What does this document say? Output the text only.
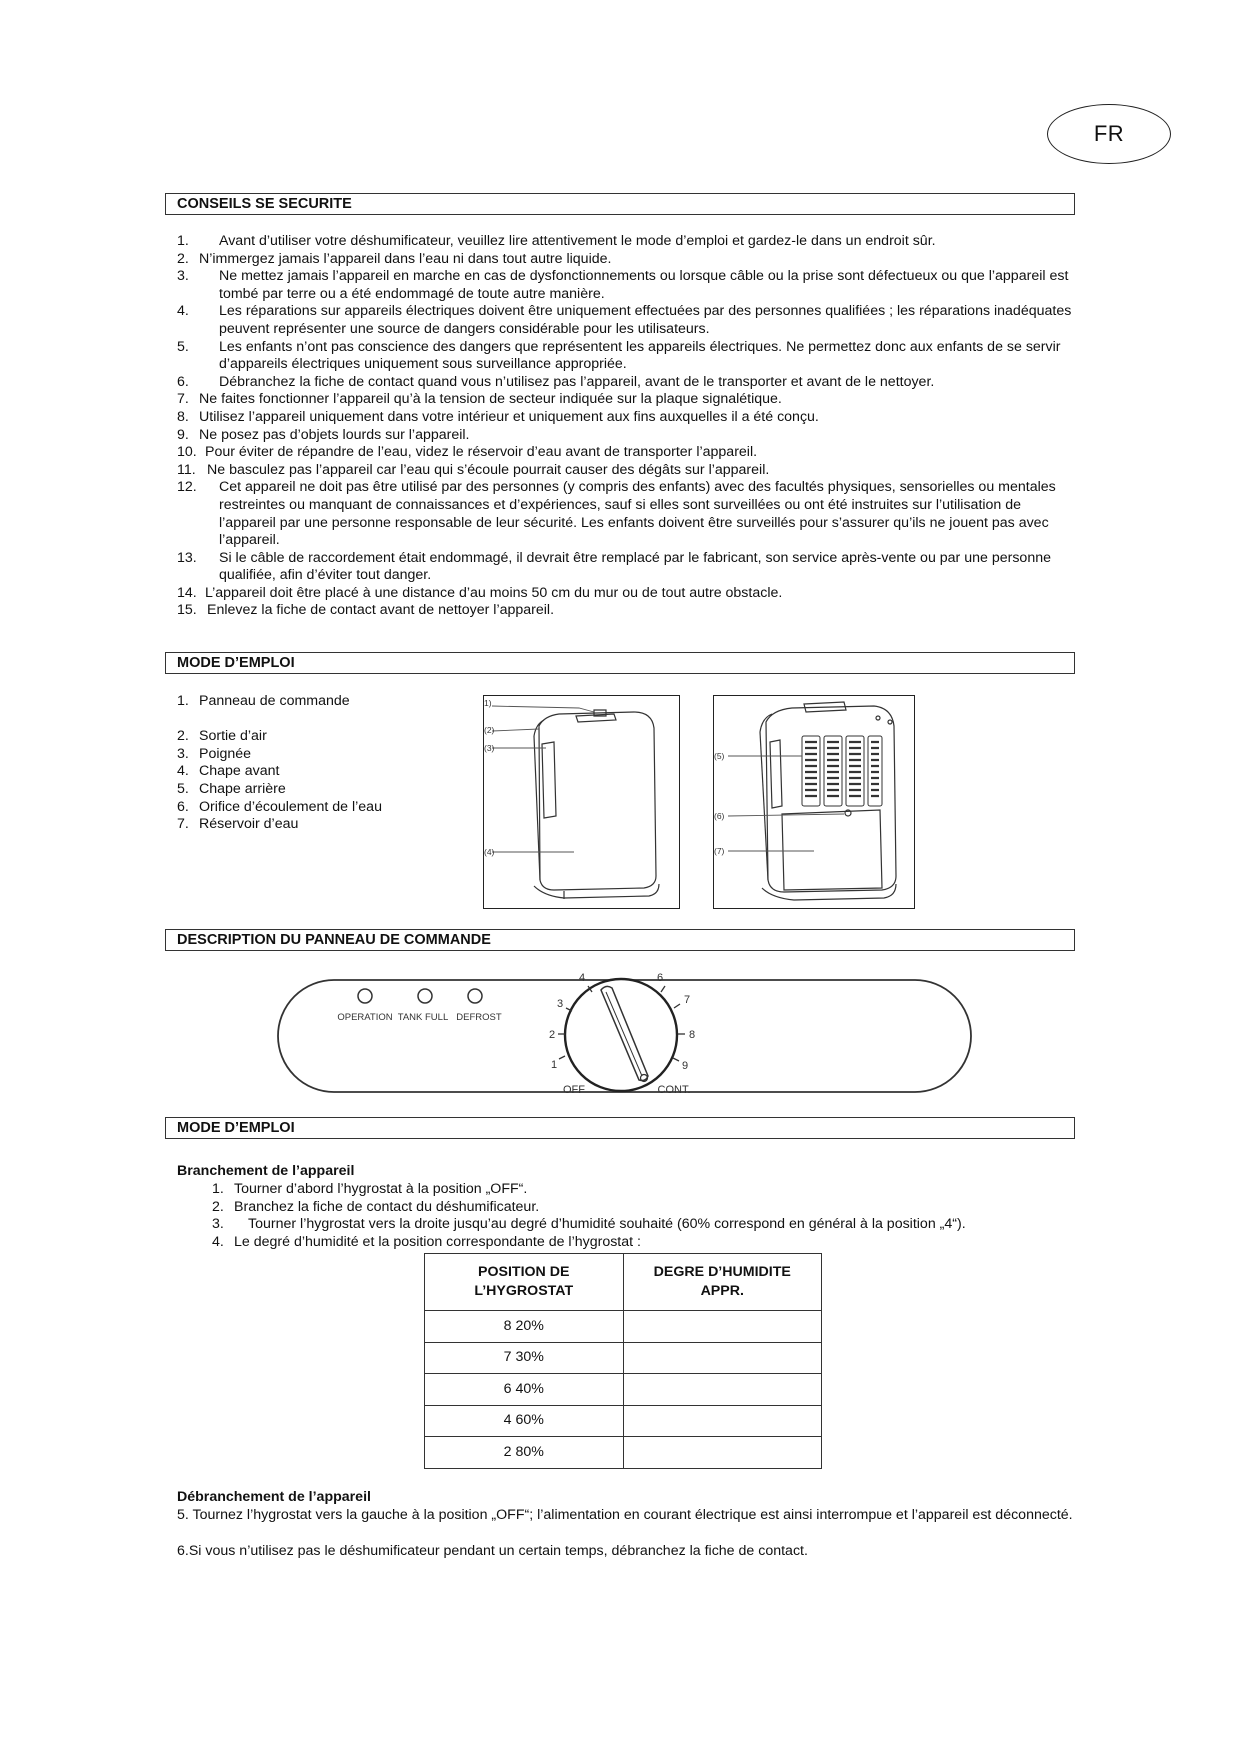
FR
CONSEILS SE SECURITE
1. Avant d’utiliser votre déshumificateur, veuillez lire attentivement le mode d’emploi et gardez-le dans un endroit sûr.
2. N’immergez jamais l’appareil dans l’eau ni dans tout autre liquide.
3. Ne mettez jamais l’appareil en marche en cas de dysfonctionnements ou lorsque câble ou la prise sont défectueux ou que l’appareil est tombé par terre ou a été endommagé de toute autre manière.
4. Les réparations sur appareils électriques doivent être uniquement effectuées par des personnes qualifiées ; les réparations inadéquates peuvent représenter une source de dangers considérable pour les utilisateurs.
5. Les enfants n’ont pas conscience des dangers que représentent les appareils électriques. Ne permettez donc aux enfants de se servir d’appareils électriques uniquement sous surveillance appropriée.
6. Débranchez la fiche de contact quand vous n’utilisez pas l’appareil, avant de le transporter et avant de le nettoyer.
7. Ne faites fonctionner l’appareil qu’à la tension de secteur indiquée sur la plaque signalétique.
8. Utilisez l’appareil uniquement dans votre intérieur et uniquement aux fins auxquelles il a été conçu.
9. Ne posez pas d’objets lourds sur l’appareil.
10. Pour éviter de répandre de l’eau, videz le réservoir d’eau avant de transporter l’appareil.
11. Ne basculez pas l’appareil car l’eau qui s’écoule pourrait causer des dégâts sur l’appareil.
12. Cet appareil ne doit pas être utilisé par des personnes (y compris des enfants) avec des facultés physiques, sensorielles ou mentales restreintes ou manquant de connaissances et d’expériences, sauf si elles sont surveillées ou ont été instruites sur l’utilisation de l’appareil par une personne responsable de leur sécurité. Les enfants doivent être surveillés pour s’assurer qu’ils ne jouent pas avec l’appareil.
13. Si le câble de raccordement était endommagé, il devrait être remplacé par le fabricant, son service après-vente ou par une personne qualifiée, afin d’éviter tout danger.
14. L’appareil doit être placé à une distance d’au moins 50 cm du mur ou de tout autre obstacle.
15. Enlevez la fiche de contact avant de nettoyer l’appareil.
MODE D’EMPLOI
1. Panneau de commande
2. Sortie d’air
3. Poignée
4. Chape avant
5. Chape arrière
6. Orifice d’écoulement de l’eau
7. Réservoir d’eau
1)
(2)
(3)
(4)
(5)
(6)
(7)
DESCRIPTION DU PANNEAU DE COMMANDE
OPERATION TANK FULL DEFROST
1
2
3
4	6
7
8
9
OFF	CONT.
MODE D’EMPLOI
Branchement de l’appareil
1. Tourner d’abord l’hygrostat à la position „OFF“.
2. Branchez la fiche de contact du déshumificateur.
3. Tourner l’hygrostat vers la droite jusqu’au degré d’humidité souhaité (60% correspond en général à la position „4“).
4. Le degré d’humidité et la position correspondante de l’hygrostat :
POSITION DE
L’HYGROSTAT	DEGRE D’HUMIDITE
APPR.
8 20%	
7 30%	
6 40%	
4 60%	
2 80%	
Débranchement de l’appareil
5. Tournez l’hygrostat vers la gauche à la position „OFF“; l’alimentation en courant électrique est ainsi interrompue et l’appareil est déconnecté.
6.Si vous n’utilisez pas le déshumificateur pendant un certain temps, débranchez la fiche de contact.
